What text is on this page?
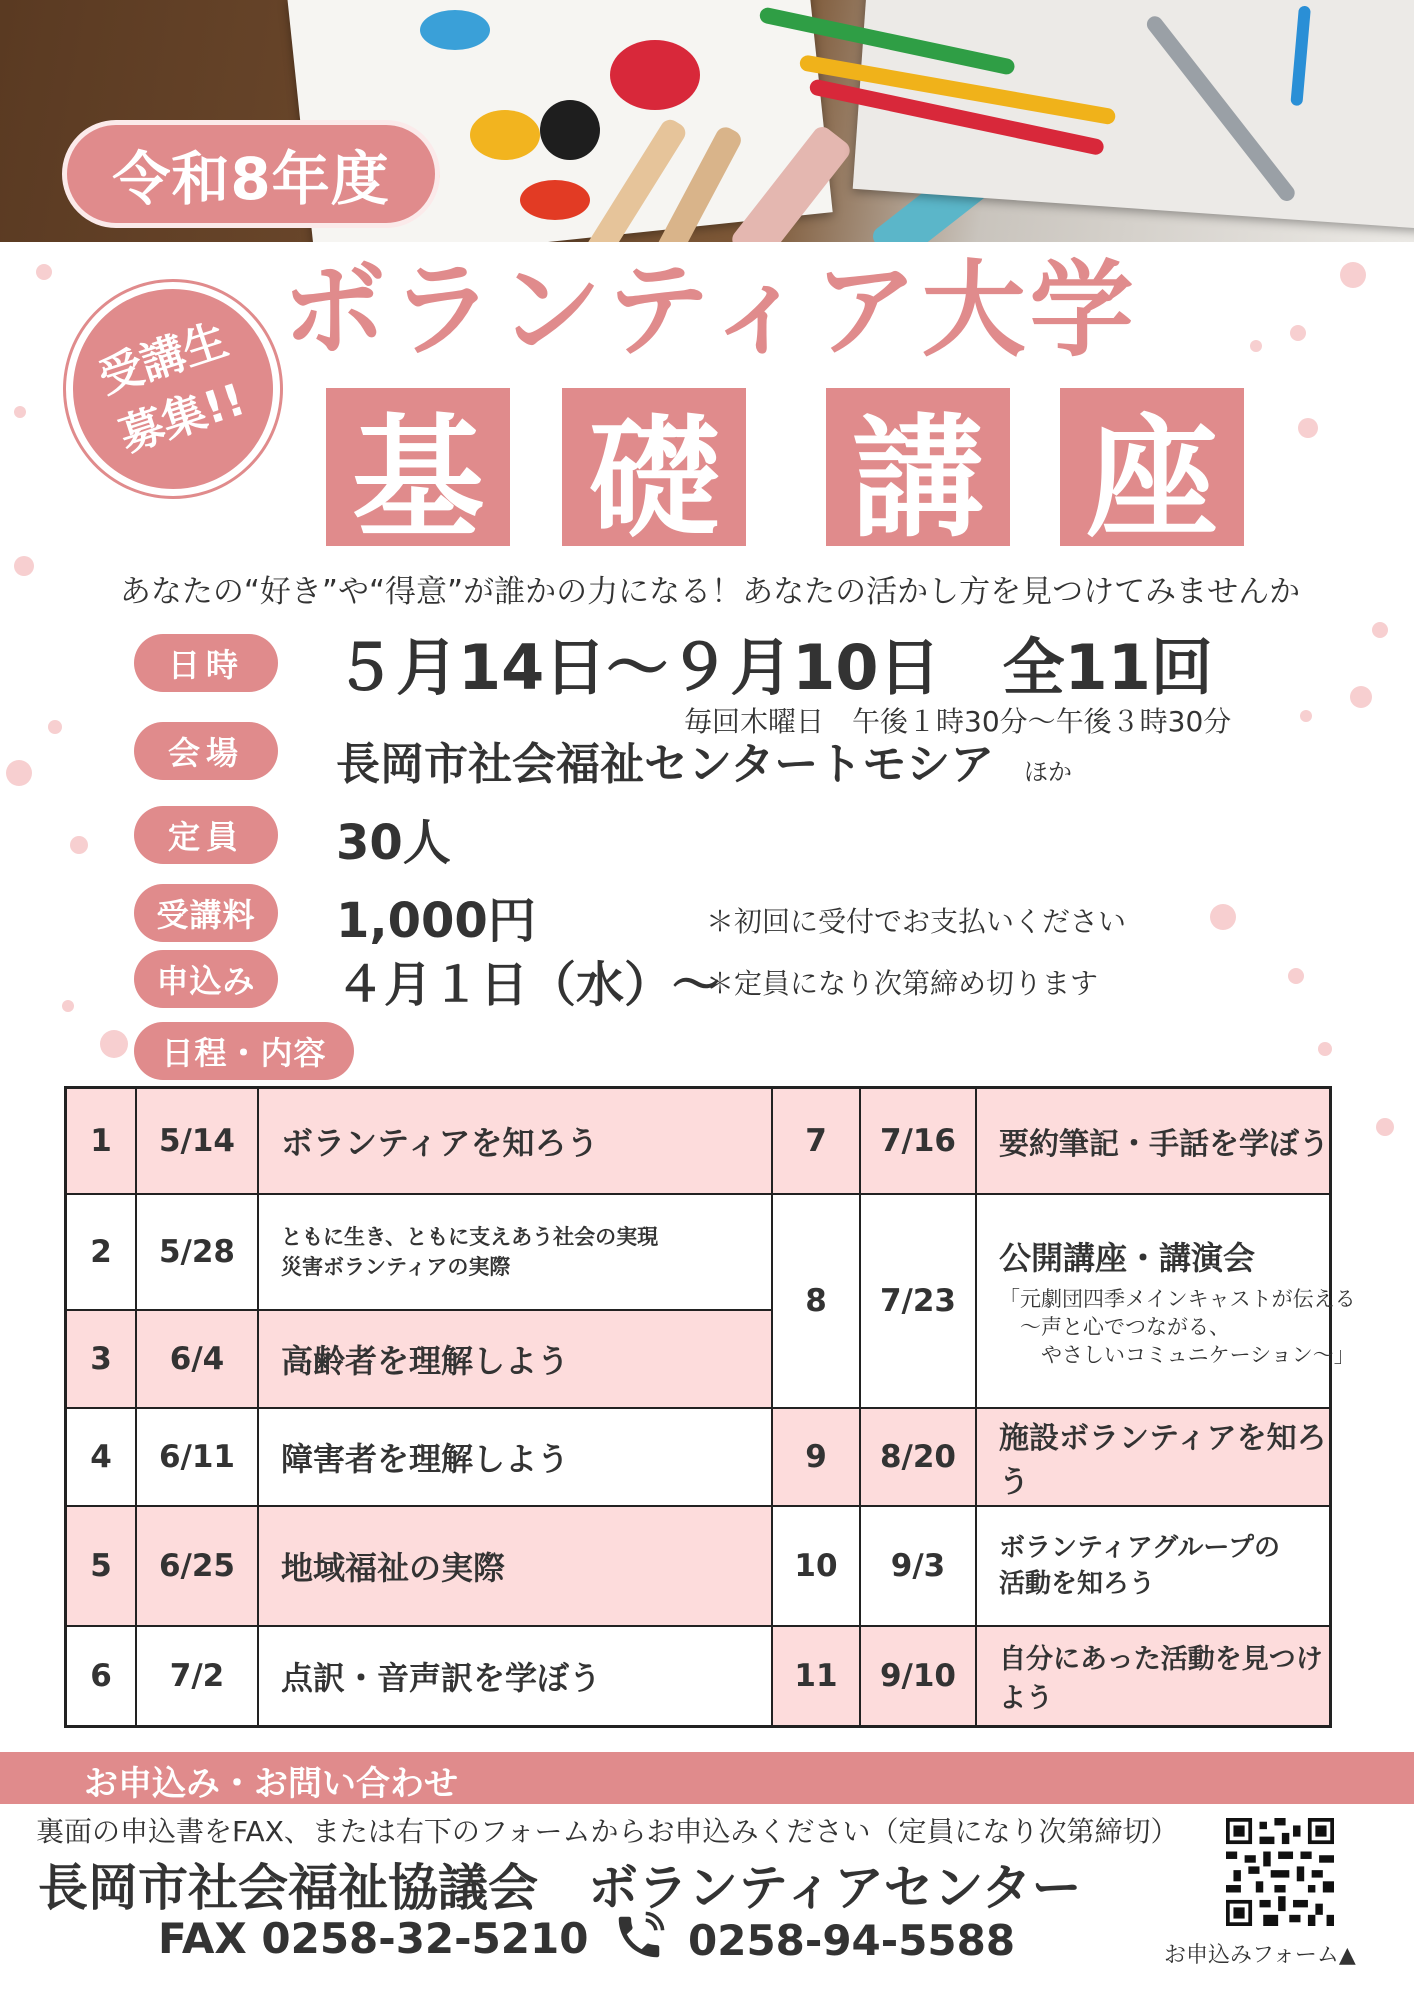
令和8年度
受講生
募集!!
ボランティア大学
基 礎 講 座
あなたの“好き”や“得意”が誰かの力になる！あなたの活かし方を見つけてみませんか
日時	５月14日〜９月10日　全11回
毎回木曜日　午後１時30分〜午後３時30分
会場	長岡市社会福祉センタートモシア ほか
定員	30人
受講料	1,000円	＊初回に受付でお支払いください
申込み	４月１日（水）〜
＊定員になり次第締め切ります
日程・内容
1	5/14	ボランティアを知ろう
2	5/28	ともに生き、ともに支えあう社会の実現
災害ボランティアの実際
3	6/4	高齢者を理解しよう
4	6/11	障害者を理解しよう
5	6/25	地域福祉の実際
6	7/2	点訳・音声訳を学ぼう
7	7/16	要約筆記・手話を学ぼう
8	7/23
公開講座・講演会
「元劇団四季メインキャストが伝える
　〜声と心でつながる、
　　やさしいコミュニケーション〜」
9	8/20
施設ボランティアを知ろう
10	9/3	ボランティアグループの
活動を知ろう
11	9/10	自分にあった活動を見つけよう
お申込み・お問い合わせ
裏面の申込書をFAX、または右下のフォームからお申込みください（定員になり次第締切）
長岡市社会福祉協議会　ボランティアセンター
FAX 0258-32-5210 0258-94-5588	お申込みフォーム▲
